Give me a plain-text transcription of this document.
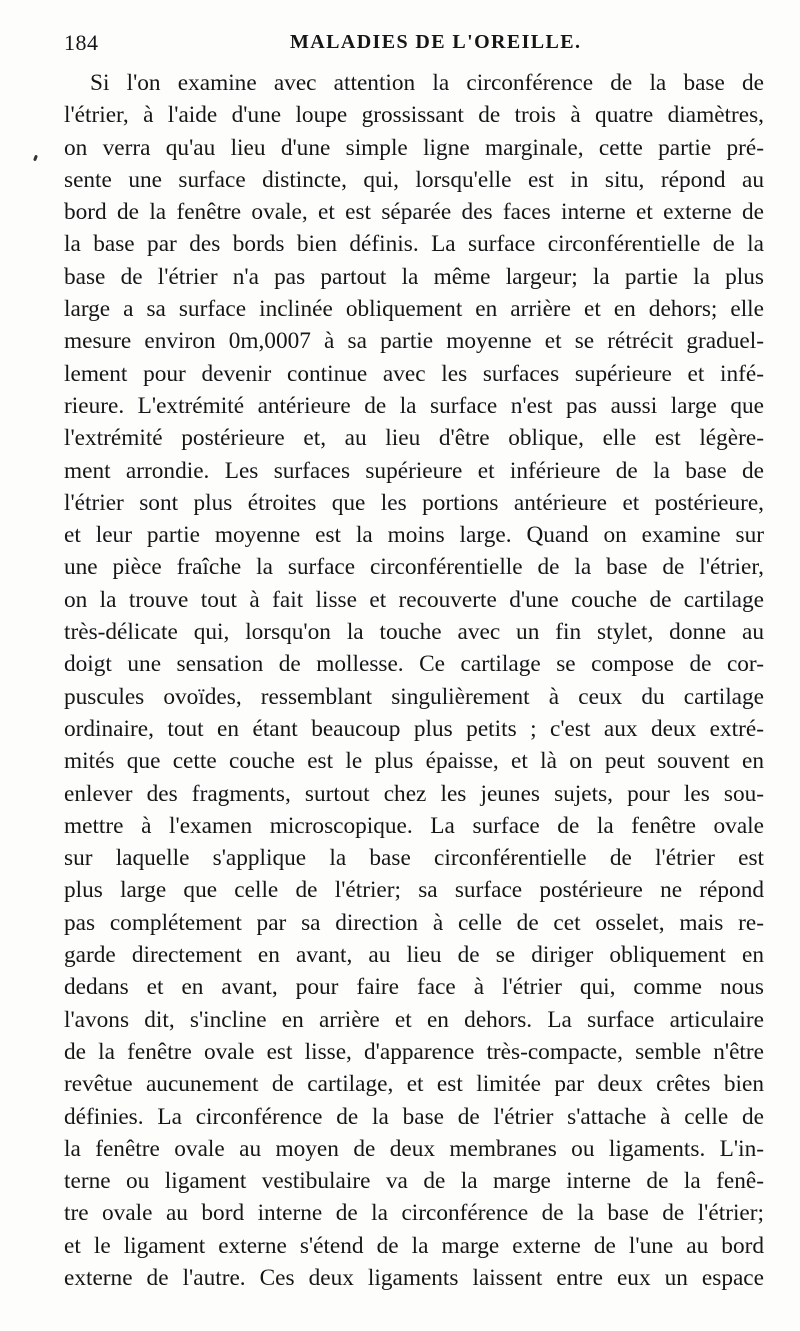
184	MALADIES DE L'OREILLE.
Si l'on examine avec attention la circonférence de la base de
l'étrier, à l'aide d'une loupe grossissant de trois à quatre diamètres,
on verra qu'au lieu d'une simple ligne marginale, cette partie pré-
sente une surface distincte, qui, lorsqu'elle est in situ, répond au
bord de la fenêtre ovale, et est séparée des faces interne et externe de
la base par des bords bien définis. La surface circonférentielle de la
base de l'étrier n'a pas partout la même largeur; la partie la plus
large a sa surface inclinée obliquement en arrière et en dehors; elle
mesure environ 0m,0007 à sa partie moyenne et se rétrécit graduel-
lement pour devenir continue avec les surfaces supérieure et infé-
rieure. L'extrémité antérieure de la surface n'est pas aussi large que
l'extrémité postérieure et, au lieu d'être oblique, elle est légère-
ment arrondie. Les surfaces supérieure et inférieure de la base de
l'étrier sont plus étroites que les portions antérieure et postérieure,
et leur partie moyenne est la moins large. Quand on examine sur
une pièce fraîche la surface circonférentielle de la base de l'étrier,
on la trouve tout à fait lisse et recouverte d'une couche de cartilage
très-délicate qui, lorsqu'on la touche avec un fin stylet, donne au
doigt une sensation de mollesse. Ce cartilage se compose de cor-
puscules ovoïdes, ressemblant singulièrement à ceux du cartilage
ordinaire, tout en étant beaucoup plus petits ; c'est aux deux extré-
mités que cette couche est le plus épaisse, et là on peut souvent en
enlever des fragments, surtout chez les jeunes sujets, pour les sou-
mettre à l'examen microscopique. La surface de la fenêtre ovale
sur laquelle s'applique la base circonférentielle de l'étrier est
plus large que celle de l'étrier; sa surface postérieure ne répond
pas complétement par sa direction à celle de cet osselet, mais re-
garde directement en avant, au lieu de se diriger obliquement en
dedans et en avant, pour faire face à l'étrier qui, comme nous
l'avons dit, s'incline en arrière et en dehors. La surface articulaire
de la fenêtre ovale est lisse, d'apparence très-compacte, semble n'être
revêtue aucunement de cartilage, et est limitée par deux crêtes bien
définies. La circonférence de la base de l'étrier s'attache à celle de
la fenêtre ovale au moyen de deux membranes ou ligaments. L'in-
terne ou ligament vestibulaire va de la marge interne de la fenê-
tre ovale au bord interne de la circonférence de la base de l'étrier;
et le ligament externe s'étend de la marge externe de l'une au bord
externe de l'autre. Ces deux ligaments laissent entre eux un espace
